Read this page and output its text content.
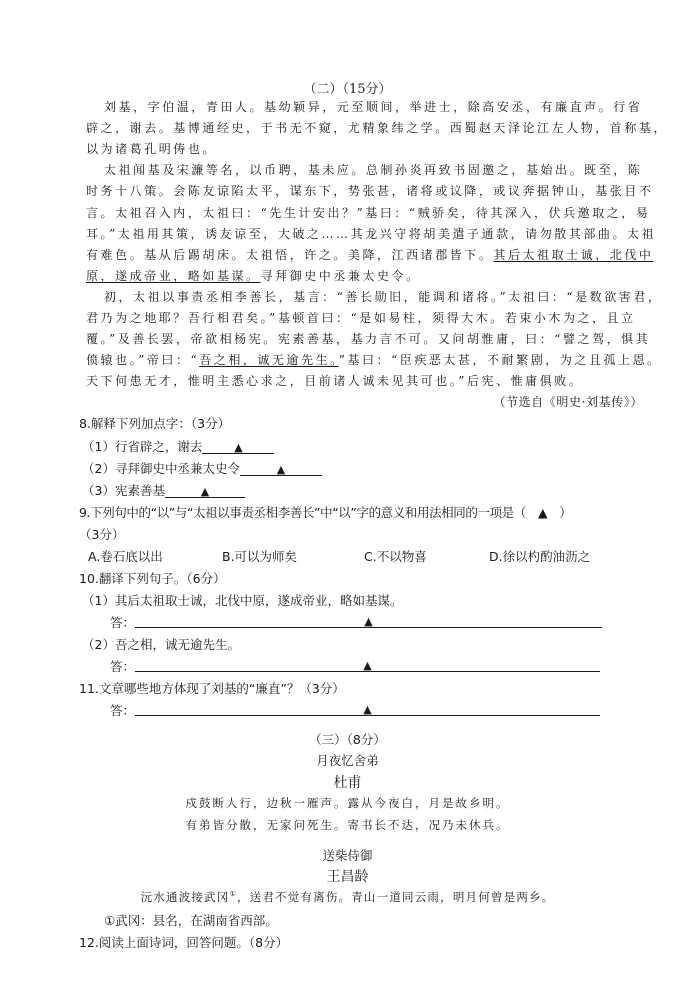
（二）（15分）
刘基，字伯温，青田人。基幼颖异，元至顺间，举进士，除高安丞，有廉直声。行省
辟之，谢去。基博通经史，于书无不窥，尤精象纬之学。西蜀赵天泽论江左人物，首称基，
以为诸葛孔明俦也。
太祖闻基及宋濂等名，以币聘，基未应。总制孙炎再致书固邀之，基始出。既至，陈
时务十八策。会陈友谅陷太平，谋东下，势张甚，诸将或议降，或议奔据钟山，基张目不
言。太祖召入内，太祖曰：“先生计安出？”基曰：“贼骄矣，待其深入，伏兵邀取之，易
耳。”太祖用其策，诱友谅至，大破之……其龙兴守将胡美遣子通款，请勿散其部曲。太祖
有难色。基从后踢胡床。太祖悟，许之。美降，江西诸郡皆下。其后太祖取士诚，北伐中
原，遂成帝业，略如基谋。寻拜御史中丞兼太史令。
初，太祖以事责丞相李善长，基言：“善长勋旧，能调和诸将。”太祖曰：“是数欲害君，
君乃为之地耶？吾行相君矣。”基顿首曰：“是如易柱，须得大木。若束小木为之，且立
覆。”及善长罢，帝欲相杨宪。宪素善基，基力言不可。又问胡惟庸，曰：“譬之驾，惧其
偾辕也。”帝曰：“吾之相，诚无逾先生。”基曰：“臣疾恶太甚，不耐繁剧，为之且孤上恩。
天下何患无才，惟明主悉心求之，目前诸人诚未见其可也。”后宪、惟庸俱败。
（节选自《明史·刘基传》）
8.解释下列加点字：（3分）
（1）行省辟之，谢去	▲
（2）寻拜御史中丞兼太史令	▲
（3）宪素善基	▲
9.下列句中的“以”与“太祖以事责丞相李善长”中“以”字的意义和用法相同的一项是（　▲　）
（3分）
A.卷石底以出	B.可以为师矣	C.不以物喜	D.徐以杓酌油沥之
10.翻译下列句子。（6分）
（1）其后太祖取士诚，北伐中原，遂成帝业，略如基谋。
答：	▲
（2）吾之相，诚无逾先生。
答：	▲
11.文章哪些地方体现了刘基的“廉直”？（3分）
答：	▲
（三）（8分）
月夜忆舍弟
杜甫
戍鼓断人行，边秋一雁声。露从今夜白，月是故乡明。
有弟皆分散，无家问死生。寄书长不达，况乃未休兵。
送柴侍御
王昌龄
沅水通波接武冈①，送君不觉有离伤。青山一道同云雨，明月何曾是两乡。
①武冈：县名，在湖南省西部。
12.阅读上面诗词，回答问题。（8分）
